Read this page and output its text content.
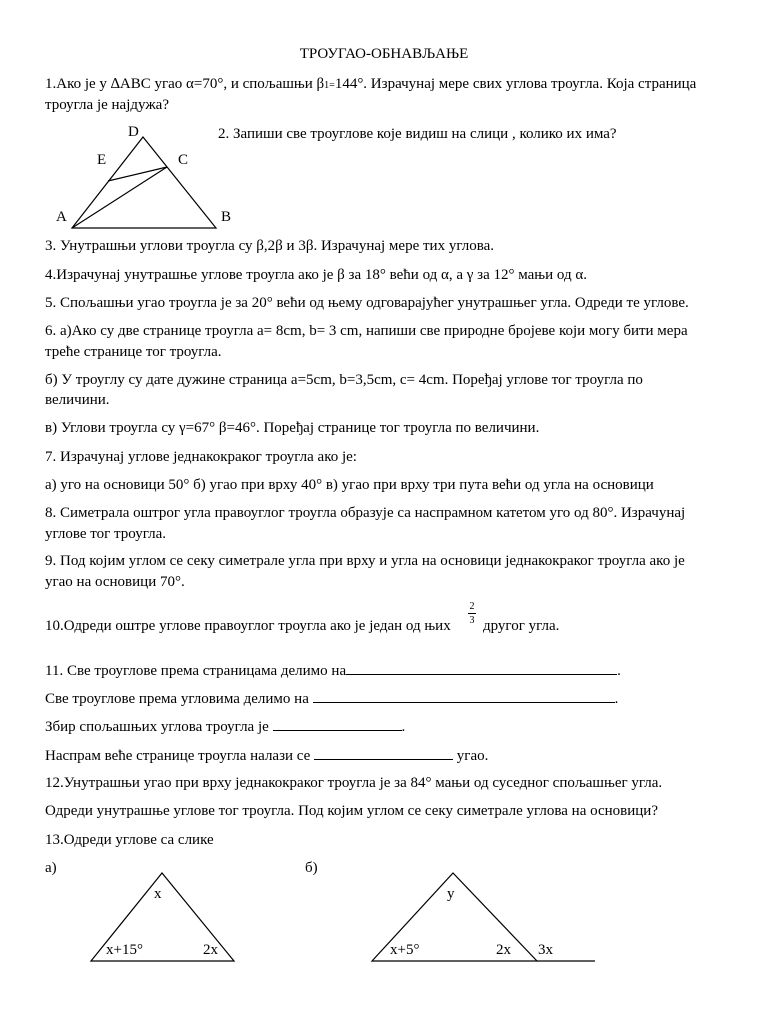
ТРОУГАО-ОБНАВЉАЊЕ
1.Ако је у ∆ABC угао α=70°, и спољашњи β1=144°. Израчунај мере свих углова троугла. Која страница
троугла је најдужа?
D
E	C
A	B
2. Запиши све троуглове које видиш на слици , колико их има?
3. Унутрашњи углови троугла су β,2β и 3β. Израчунај мере тих углова.
4.Израчунај унутрашње углове троугла ако је β за 18° већи од α, а γ за 12° мањи од α.
5. Спољашњи угао троугла је за 20° већи од њему одговарајућег унутрашњег угла. Одреди те углове.
6. а)Ако су две странице троугла a= 8cm, b= 3 cm, напиши све природне бројеве који могу бити мера
треће странице тог троугла.
б) У троуглу су дате дужине страница a=5cm, b=3,5cm, c= 4cm. Поређај углове тог троугла по
величини.
в) Углови троугла су γ=67° β=46°. Поређај странице тог троугла по величини.
7. Израчунај углове једнакокраког троугла ако је:
а) уго на основици 50° б) угао при врху 40° в) угао при врху три пута већи од угла на основици
8. Симетрала оштрог угла правоуглог троугла образује са наспрамном катетом уго од 80°. Израчунај
углове тог троугла.
9. Под којим углом се секу симетрале угла при врху и угла на основици једнакокраког троугла ако је
угао на основици 70°.
10.Одреди оштре углове правоуглог троугла ако је један од њих
2
3 другог угла.
11. Све троуглове према страницама делимо на	.
Све троуглове према угловима делимо на	.
Збир спољашњих углова троугла је	.
Наспрам веће странице троугла налази се	угао.
12.Унутрашњи угао при врху једнакокраког троугла је за 84° мањи од суседног спољашњег угла.
Одреди унутрашње углове тог троугла. Под којим углом се секу симетрале углова на основици?
13.Одреди углове са слике
а)	б)
x
x+15°	2x
y
x+5°	2x 3x
